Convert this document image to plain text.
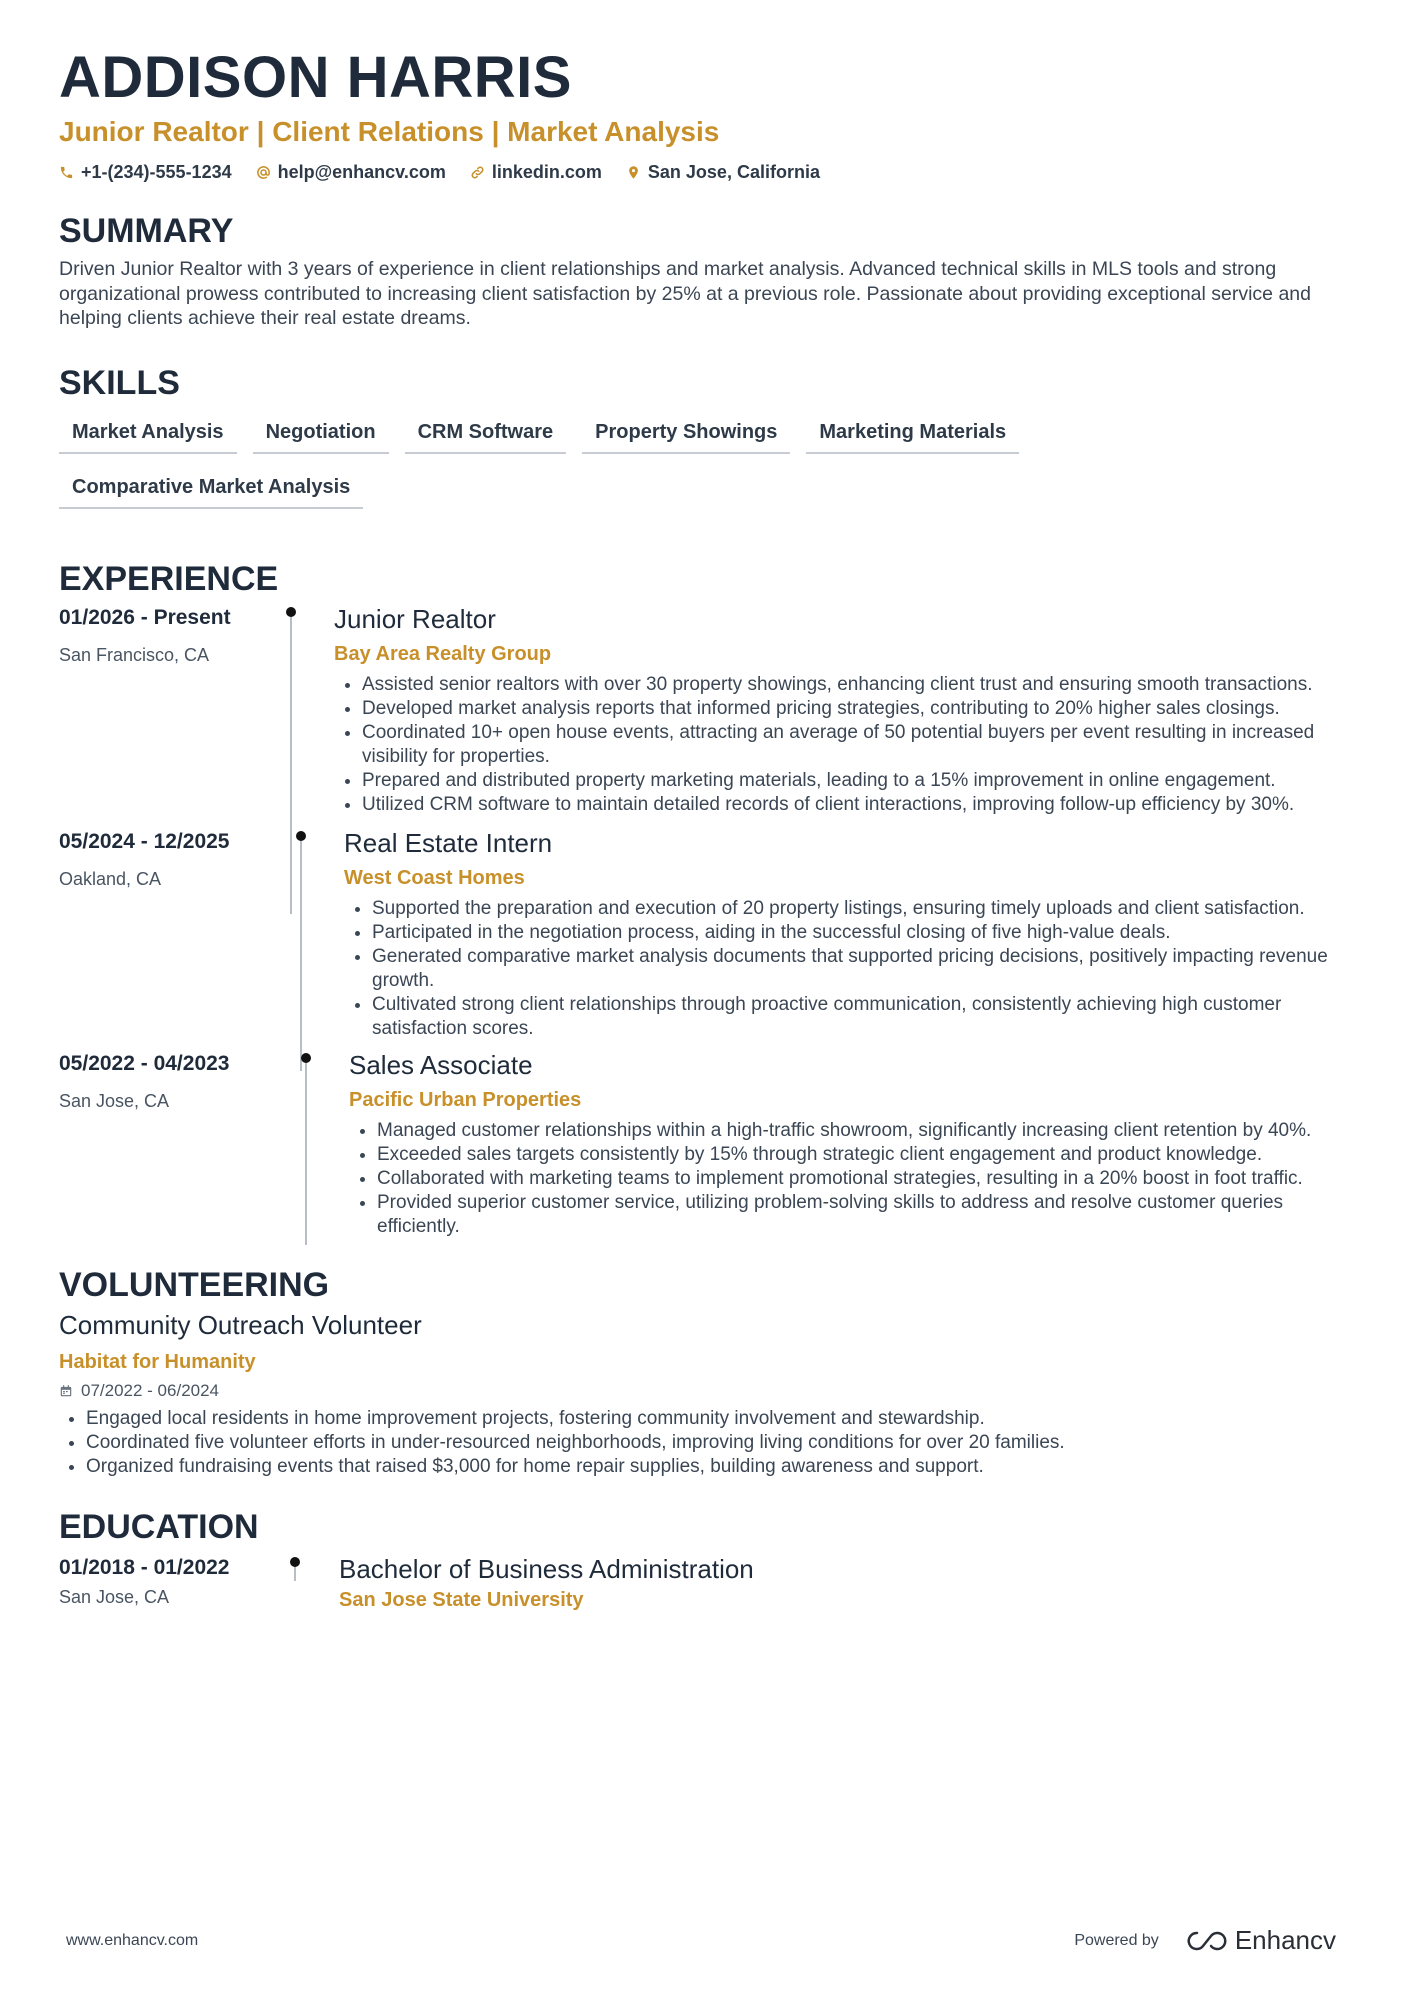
ADDISON HARRIS
Junior Realtor | Client Relations | Market Analysis
+1-(234)-555-1234	help@enhancv.com	linkedin.com	San Jose, California
SUMMARY

Driven Junior Realtor with 3 years of experience in client relationships and market analysis. Advanced technical skills in MLS tools and strong organizational prowess contributed to increasing client satisfaction by 25% at a previous role. Passionate about providing exceptional service and helping clients achieve their real estate dreams.

SKILLS
Market Analysis	Negotiation	CRM Software	Property Showings	Marketing Materials
Comparative Market Analysis
EXPERIENCE
01/2026 - Present
San Francisco, CA
Junior Realtor
Bay Area Realty Group
• Assisted senior realtors with over 30 property showings, enhancing client trust and ensuring smooth transactions.
• Developed market analysis reports that informed pricing strategies, contributing to 20% higher sales closings.
• Coordinated 10+ open house events, attracting an average of 50 potential buyers per event resulting in increased visibility for properties.
• Prepared and distributed property marketing materials, leading to a 15% improvement in online engagement.
• Utilized CRM software to maintain detailed records of client interactions, improving follow-up efficiency by 30%.
05/2024 - 12/2025
Oakland, CA
Real Estate Intern
West Coast Homes
• Supported the preparation and execution of 20 property listings, ensuring timely uploads and client satisfaction.
• Participated in the negotiation process, aiding in the successful closing of five high-value deals.
• Generated comparative market analysis documents that supported pricing decisions, positively impacting revenue growth.
• Cultivated strong client relationships through proactive communication, consistently achieving high customer satisfaction scores.
05/2022 - 04/2023
San Jose, CA
Sales Associate
Pacific Urban Properties
• Managed customer relationships within a high-traffic showroom, significantly increasing client retention by 40%.
• Exceeded sales targets consistently by 15% through strategic client engagement and product knowledge.
• Collaborated with marketing teams to implement promotional strategies, resulting in a 20% boost in foot traffic.
• Provided superior customer service, utilizing problem-solving skills to address and resolve customer queries efficiently.
VOLUNTEERING
Community Outreach Volunteer
Habitat for Humanity
07/2022 - 06/2024
• Engaged local residents in home improvement projects, fostering community involvement and stewardship.
• Coordinated five volunteer efforts in under-resourced neighborhoods, improving living conditions for over 20 families.
• Organized fundraising events that raised $3,000 for home repair supplies, building awareness and support.
EDUCATION
01/2018 - 01/2022
San Jose, CA
Bachelor of Business Administration
San Jose State University
www.enhancv.com	Powered by	Enhancv
